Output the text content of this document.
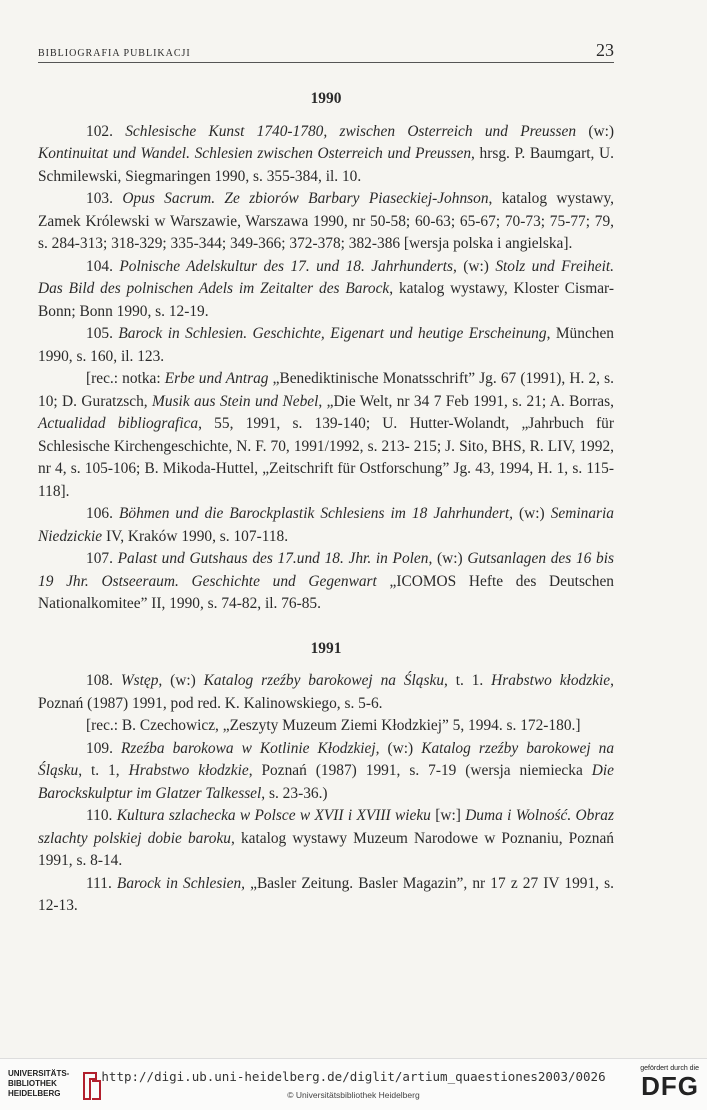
BIBLIOGRAFIA PUBLIKACJI	23
1990

102. Schlesische Kunst 1740-1780, zwischen Osterreich und Preussen (w:) Kontinuitat und Wandel. Schlesien zwischen Osterreich und Preussen, hrsg. P. Baumgart, U. Schmilewski, Siegmaringen 1990, s. 355-384, il. 10.

103. Opus Sacrum. Ze zbiorów Barbary Piaseckiej-Johnson, katalog wystawy, Zamek Królewski w Warszawie, Warszawa 1990, nr 50-58; 60-63; 65-67; 70-73; 75-77; 79, s. 284-313; 318-329; 335-344; 349-366; 372-378; 382-386 [wersja polska i angielska].

104. Polnische Adelskultur des 17. und 18. Jahrhunderts, (w:) Stolz und Freiheit. Das Bild des polnischen Adels im Zeitalter des Barock, katalog wystawy, Kloster Cismar-Bonn; Bonn 1990, s. 12-19.

105. Barock in Schlesien. Geschichte, Eigenart und heutige Erscheinung, München 1990, s. 160, il. 123.

[rec.: notka: Erbe und Antrag „Benediktinische Monatsschrift” Jg. 67 (1991), H. 2, s. 10; D. Guratzsch, Musik aus Stein und Nebel, „Die Welt, nr 34 7 Feb 1991, s. 21; A. Borras, Actualidad bibliografica, 55, 1991, s. 139-140; U. Hutter-Wolandt, „Jahrbuch für Schlesische Kirchengeschichte, N. F. 70, 1991/1992, s. 213- 215; J. Sito, BHS, R. LIV, 1992, nr 4, s. 105-106; B. Mikoda-Huttel, „Zeitschrift für Ostforschung” Jg. 43, 1994, H. 1, s. 115-118].

106. Böhmen und die Barockplastik Schlesiens im 18 Jahrhundert, (w:) Seminaria Niedzickie IV, Kraków 1990, s. 107-118.

107. Palast und Gutshaus des 17.und 18. Jhr. in Polen, (w:) Gutsanlagen des 16 bis 19 Jhr. Ostseeraum. Geschichte und Gegenwart „ICOMOS Hefte des Deutschen Nationalkomitee” II, 1990, s. 74-82, il. 76-85.

1991

108. Wstęp, (w:) Katalog rzeźby barokowej na Śląsku, t. 1. Hrabstwo kłodzkie, Poznań (1987) 1991, pod red. K. Kalinowskiego, s. 5-6.

[rec.: B. Czechowicz, „Zeszyty Muzeum Ziemi Kłodzkiej” 5, 1994. s. 172-180.]

109. Rzeźba barokowa w Kotlinie Kłodzkiej, (w:) Katalog rzeźby barokowej na Śląsku, t. 1, Hrabstwo kłodzkie, Poznań (1987) 1991, s. 7-19 (wersja niemiecka Die Barockskulptur im Glatzer Talkessel, s. 23-36.)

110. Kultura szlachecka w Polsce w XVII i XVIII wieku [w:] Duma i Wolność. Obraz szlachty polskiej dobie baroku, katalog wystawy Muzeum Narodowe w Poznaniu, Poznań 1991, s. 8-14.

111. Barock in Schlesien, „Basler Zeitung. Basler Magazin”, nr 17 z 27 IV 1991, s. 12-13.

UNIVERSITÄTS-
BIBLIOTHEK
HEIDELBERG
http://digi.ub.uni-heidelberg.de/diglit/artium_quaestiones2003/0026
© Universitätsbibliothek Heidelberg
gefördert durch die
DFG
